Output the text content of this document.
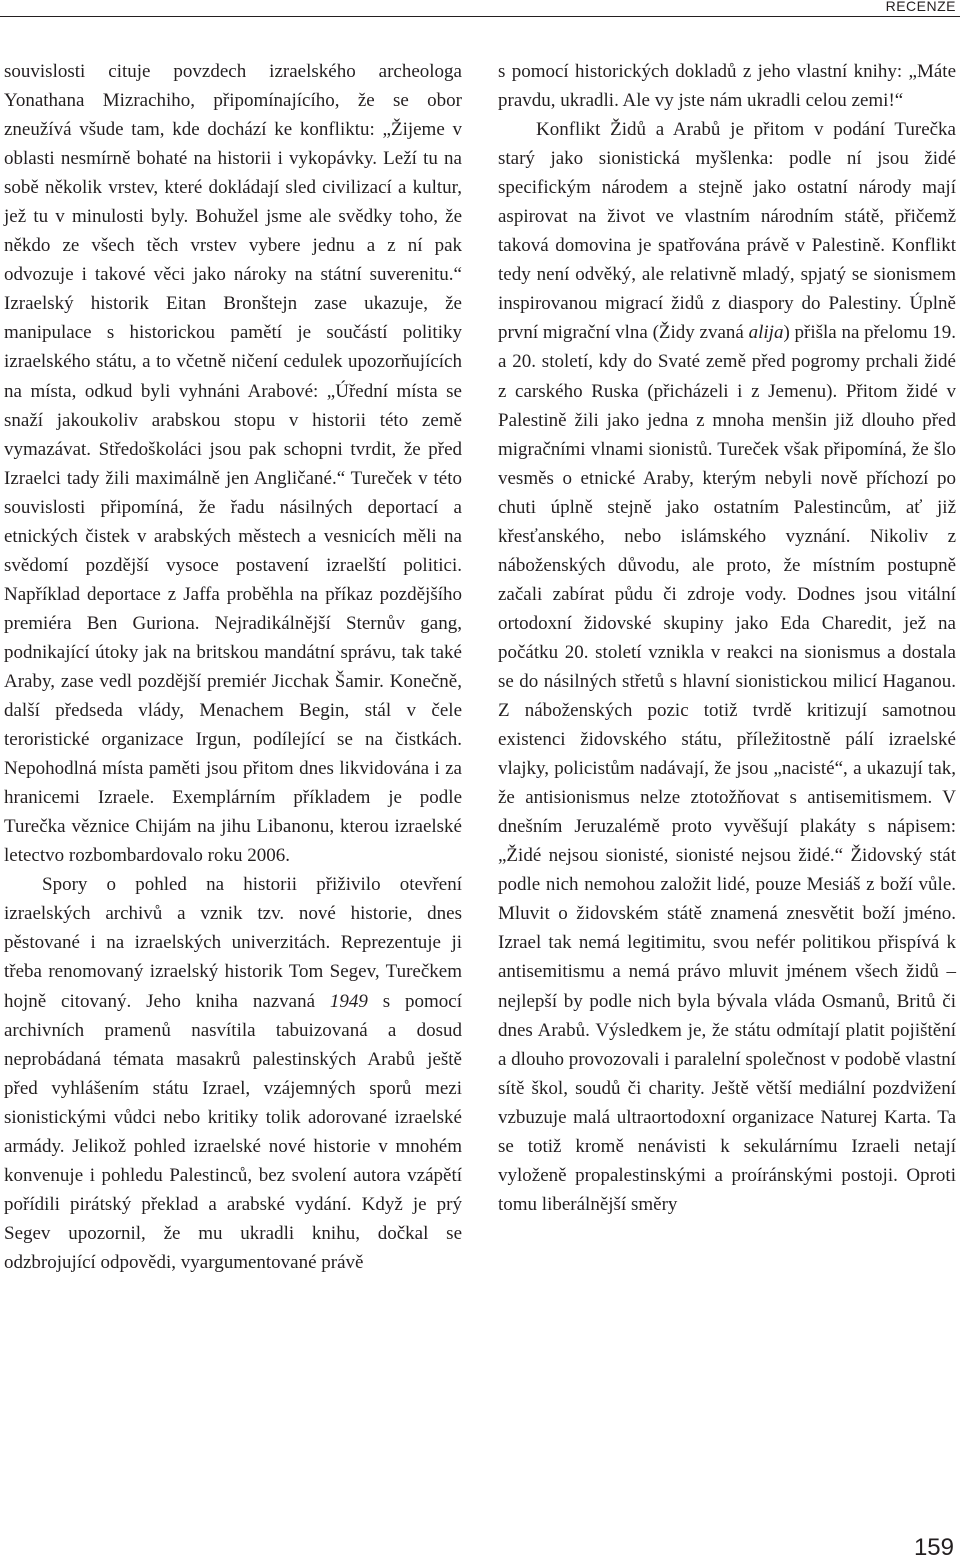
RECENZE

souvislosti cituje povzdech izraelského archeologa Yonathana Mizrachiho, připomínajícího, že se obor zneužívá všude tam, kde dochází ke konfliktu: „Žijeme v oblasti nesmírně bohaté na historii i vykopávky. Leží tu na sobě několik vrstev, které dokládají sled civilizací a kultur, jež tu v minulosti byly. Bohužel jsme ale svědky toho, že někdo ze všech těch vrstev vybere jednu a z ní pak odvozuje i takové věci jako nároky na státní suverenitu.“ Izraelský historik Eitan Bronštejn zase ukazuje, že manipulace s historickou pamětí je součástí politiky izraelského státu, a to včetně ničení cedulek upozorňujících na místa, odkud byli vyhnáni Arabové: „Úřední místa se snaží jakoukoliv arabskou stopu v historii této země vymazávat. Středoškoláci jsou pak schopni tvrdit, že před Izraelci tady žili maximálně jen Angličané.“ Tureček v této souvislosti připomíná, že řadu násilných deportací a etnických čistek v arabských městech a vesnicích měli na svědomí pozdější vysoce postavení izraelští politici. Například deportace z Jaffa proběhla na příkaz pozdějšího premiéra Ben Guriona. Nejradikálnější Sternův gang, podnikající útoky jak na britskou mandátní správu, tak také Araby, zase vedl pozdější premiér Jicchak Šamir. Konečně, další předseda vlády, Menachem Begin, stál v čele teroristické organizace Irgun, podílející se na čistkách. Nepohodlná místa paměti jsou přitom dnes likvidována i za hranicemi Izraele. Exemplárním příkladem je podle Turečka věznice Chijám na jihu Libanonu, kterou izraelské letectvo rozbombardovalo roku 2006.

Spory o pohled na historii přiživilo otevření izraelských archivů a vznik tzv. nové historie, dnes pěstované i na izraelských univerzitách. Reprezentuje ji třeba renomovaný izraelský historik Tom Segev, Turečkem hojně citovaný. Jeho kniha nazvaná 1949 s pomocí archivních pramenů nasvítila tabuizovaná a dosud neprobádaná témata masakrů palestinských Arabů ještě před vyhlášením státu Izrael, vzájemných sporů mezi sionistickými vůdci nebo kritiky tolik adorované izraelské armády. Jelikož pohled izraelské nové historie v mnohém konvenuje i pohledu Palestinců, bez svolení autora vzápětí pořídili pirátský překlad a arabské vydání. Když je prý Segev upozornil, že mu ukradli knihu, dočkal se odzbrojující odpovědi, vyargumentované právě

s pomocí historických dokladů z jeho vlastní knihy: „Máte pravdu, ukradli. Ale vy jste nám ukradli celou zemi!“

Konflikt Židů a Arabů je přitom v podání Turečka starý jako sionistická myšlenka: podle ní jsou židé specifickým národem a stejně jako ostatní národy mají aspirovat na život ve vlastním národním státě, přičemž taková domovina je spatřována právě v Palestině. Konflikt tedy není odvěký, ale relativně mladý, spjatý se sionismem inspirovanou migrací židů z diaspory do Palestiny. Úplně první migrační vlna (Židy zvaná alija) přišla na přelomu 19. a 20. století, kdy do Svaté země před pogromy prchali židé z carského Ruska (přicházeli i z Jemenu). Přitom židé v Palestině žili jako jedna z mnoha menšin již dlouho před migračními vlnami sionistů. Tureček však připomíná, že šlo vesměs o etnické Araby, kterým nebyli nově příchozí po chuti úplně stejně jako ostatním Palestincům, ať již křesťanského, nebo islámského vyznání. Nikoliv z náboženských důvodu, ale proto, že místním postupně začali zabírat půdu či zdroje vody. Dodnes jsou vitální ortodoxní židovské skupiny jako Eda Charedit, jež na počátku 20. století vznikla v reakci na sionismus a dostala se do násilných střetů s hlavní sionistickou milicí Haganou. Z náboženských pozic totiž tvrdě kritizují samotnou existenci židovského státu, příležitostně pálí izraelské vlajky, policistům nadávají, že jsou „nacisté“, a ukazují tak, že antisionismus nelze ztotožňovat s antisemitismem. V dnešním Jeruzalémě proto vyvěšují plakáty s nápisem: „Židé nejsou sionisté, sionisté nejsou židé.“ Židovský stát podle nich nemohou založit lidé, pouze Mesiáš z boží vůle. Mluvit o židovském státě znamená znesvětit boží jméno. Izrael tak nemá legitimitu, svou nefér politikou přispívá k antisemitismu a nemá právo mluvit jménem všech židů – nejlepší by podle nich byla bývala vláda Osmanů, Britů či dnes Arabů. Výsledkem je, že státu odmítají platit pojištění a dlouho provozovali i paralelní společnost v podobě vlastní sítě škol, soudů či charity. Ještě větší mediální pozdvižení vzbuzuje malá ultraortodoxní organizace Naturej Karta. Ta se totiž kromě nenávisti k sekulárnímu Izraeli netají vyloženě propalestinskými a proíránskými postoji. Oproti tomu liberálnější směry

159
